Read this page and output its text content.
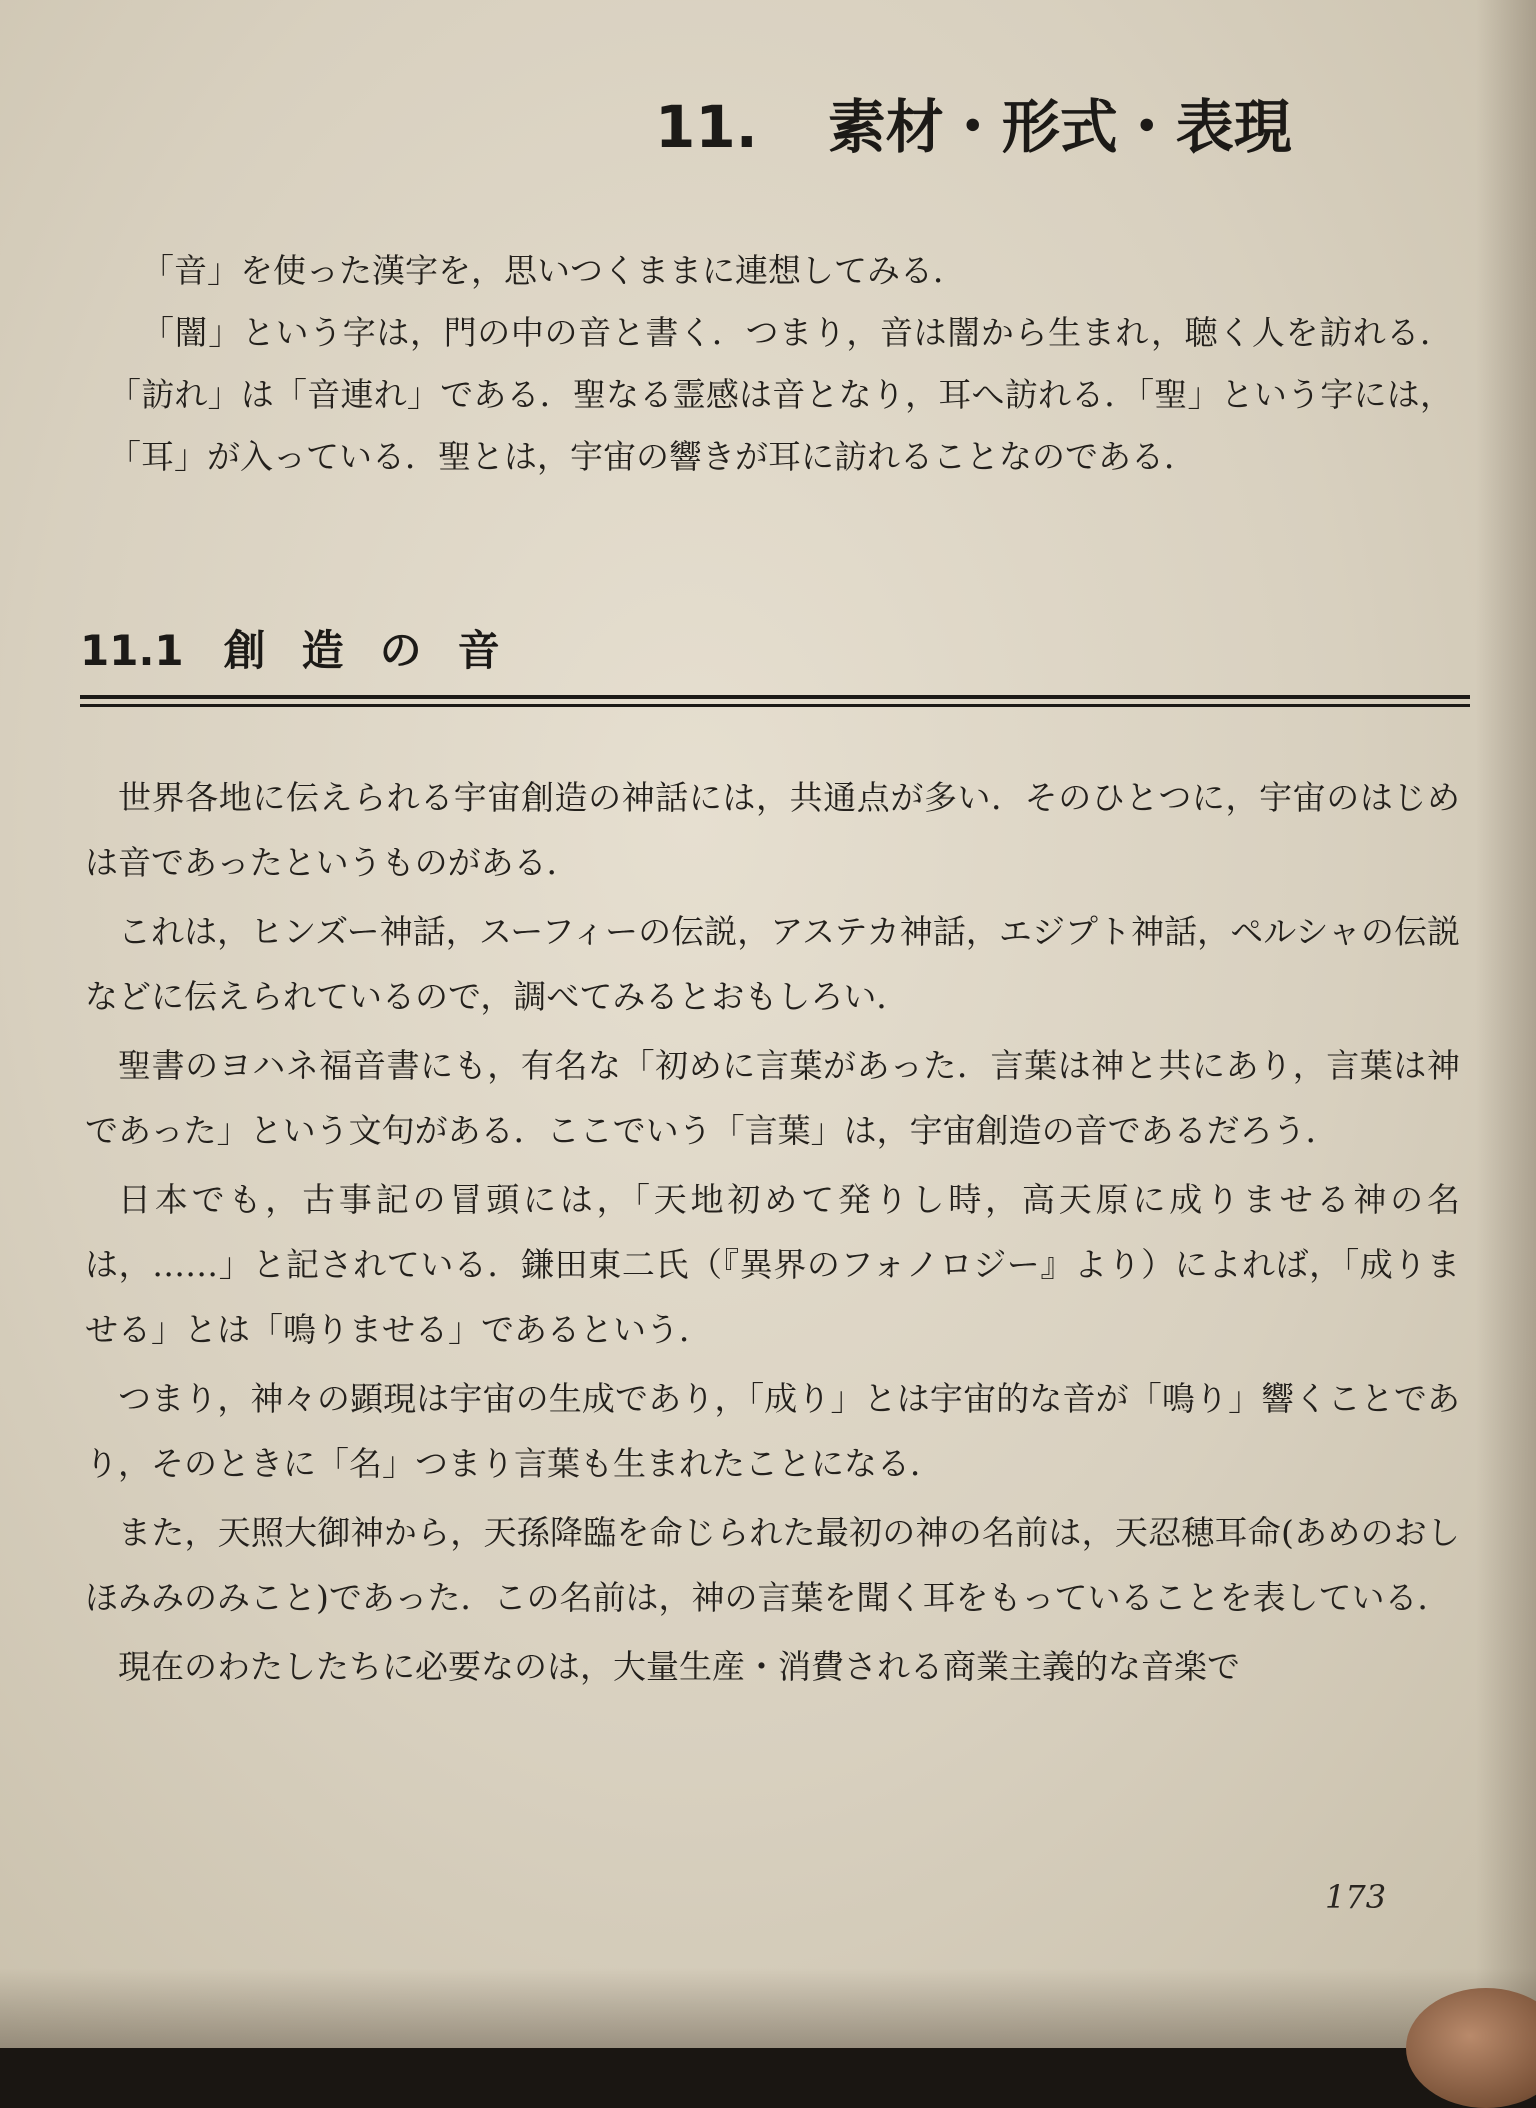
11. 素材・形式・表現

「音」を使った漢字を，思いつくままに連想してみる．

「闇」という字は，門の中の音と書く．つまり，音は闇から生まれ，聴く人を訪れる．「訪れ」は「音連れ」である．聖なる霊感は音となり，耳へ訪れる．「聖」という字には，「耳」が入っている．聖とは，宇宙の響きが耳に訪れることなのである．

11.1 創造の音

世界各地に伝えられる宇宙創造の神話には，共通点が多い．そのひとつに，宇宙のはじめは音であったというものがある．

これは，ヒンズー神話，スーフィーの伝説，アステカ神話，エジプト神話，ペルシャの伝説などに伝えられているので，調べてみるとおもしろい．

聖書のヨハネ福音書にも，有名な「初めに言葉があった．言葉は神と共にあり，言葉は神であった」という文句がある．ここでいう「言葉」は，宇宙創造の音であるだろう．

日本でも，古事記の冒頭には，「天地初めて発りし時，高天原に成りませる神の名は，……」と記されている．鎌田東二氏（『異界のフォノロジー』より）によれば，「成りませる」とは「鳴りませる」であるという．

つまり，神々の顕現は宇宙の生成であり，「成り」とは宇宙的な音が「鳴り」響くことであり，そのときに「名」つまり言葉も生まれたことになる．

また，天照大御神から，天孫降臨を命じられた最初の神の名前は，天忍穂耳命(あめのおしほみみのみこと)であった．この名前は，神の言葉を聞く耳をもっていることを表している．

現在のわたしたちに必要なのは，大量生産・消費される商業主義的な音楽で

173
